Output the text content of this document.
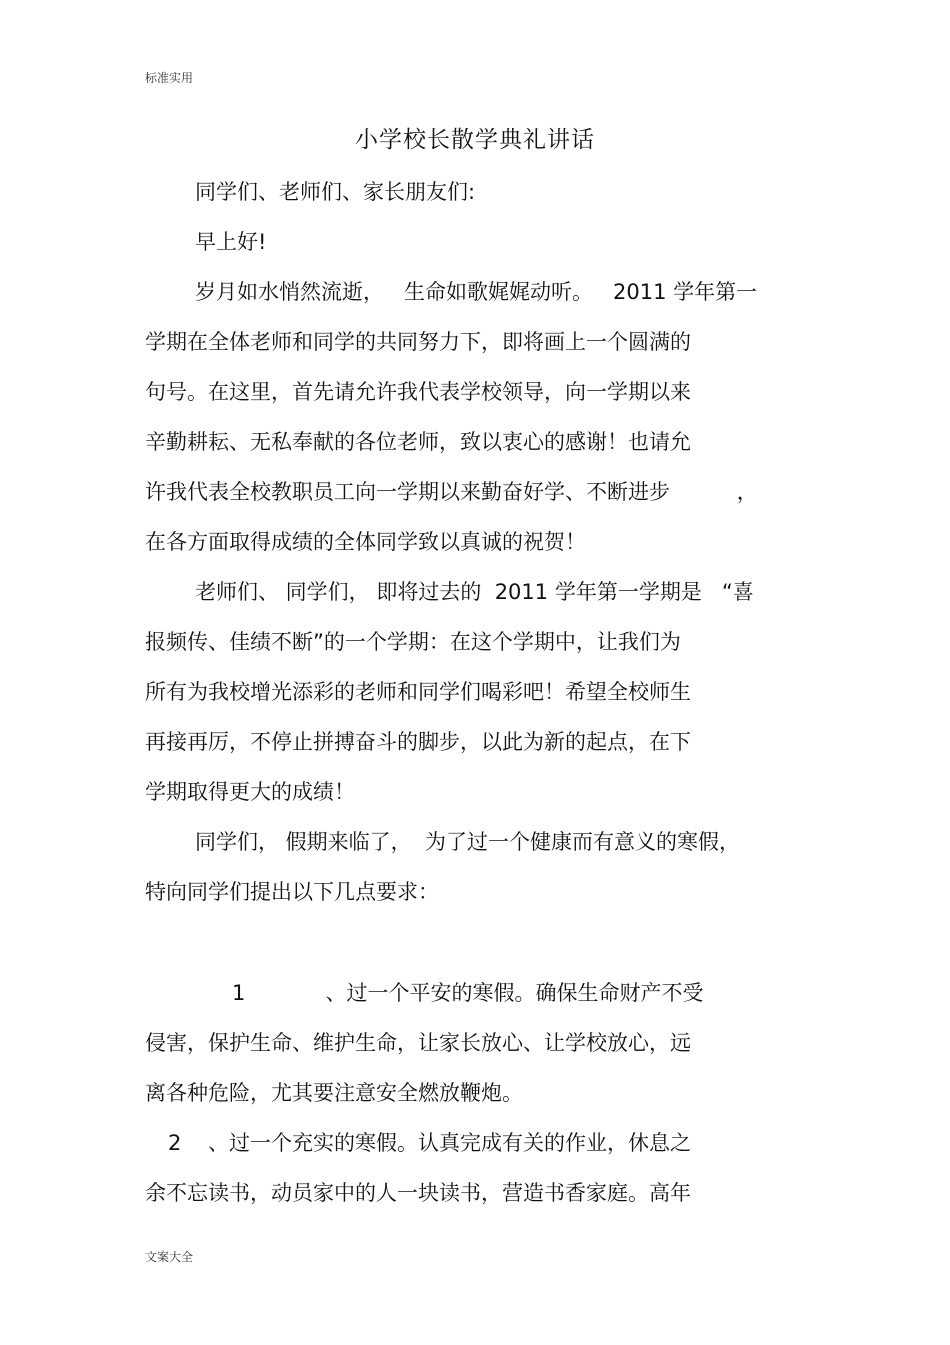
标准实用
小学校长散学典礼讲话
同学们、老师们、家长朋友们:
早上好!
岁月如水悄然流逝，   生命如歌娓娓动听。   2011 学年第一
学期在全体老师和同学的共同努力下，即将画上一个圆满的
句号。在这里，首先请允许我代表学校领导，向一学期以来
辛勤耕耘、无私奉献的各位老师，致以衷心的感谢！也请允
许我代表全校教职员工向一学期以来勤奋好学、不断进步          ，
在各方面取得成绩的全体同学致以真诚的祝贺！
老师们、 同学们， 即将过去的  2011 学年第一学期是   “喜
报频传、佳绩不断”的一个学期：在这个学期中，让我们为
所有为我校增光添彩的老师和同学们喝彩吧！希望全校师生
再接再厉，不停止拼搏奋斗的脚步，以此为新的起点，在下
学期取得更大的成绩！
同学们， 假期来临了，  为了过一个健康而有意义的寒假，
特向同学们提出以下几点要求：
1            、过一个平安的寒假。确保生命财产不受
侵害，保护生命、维护生命，让家长放心、让学校放心，远
离各种危险，尤其要注意安全燃放鞭炮。
2    、过一个充实的寒假。认真完成有关的作业，休息之
余不忘读书，动员家中的人一块读书，营造书香家庭。高年
文案大全
